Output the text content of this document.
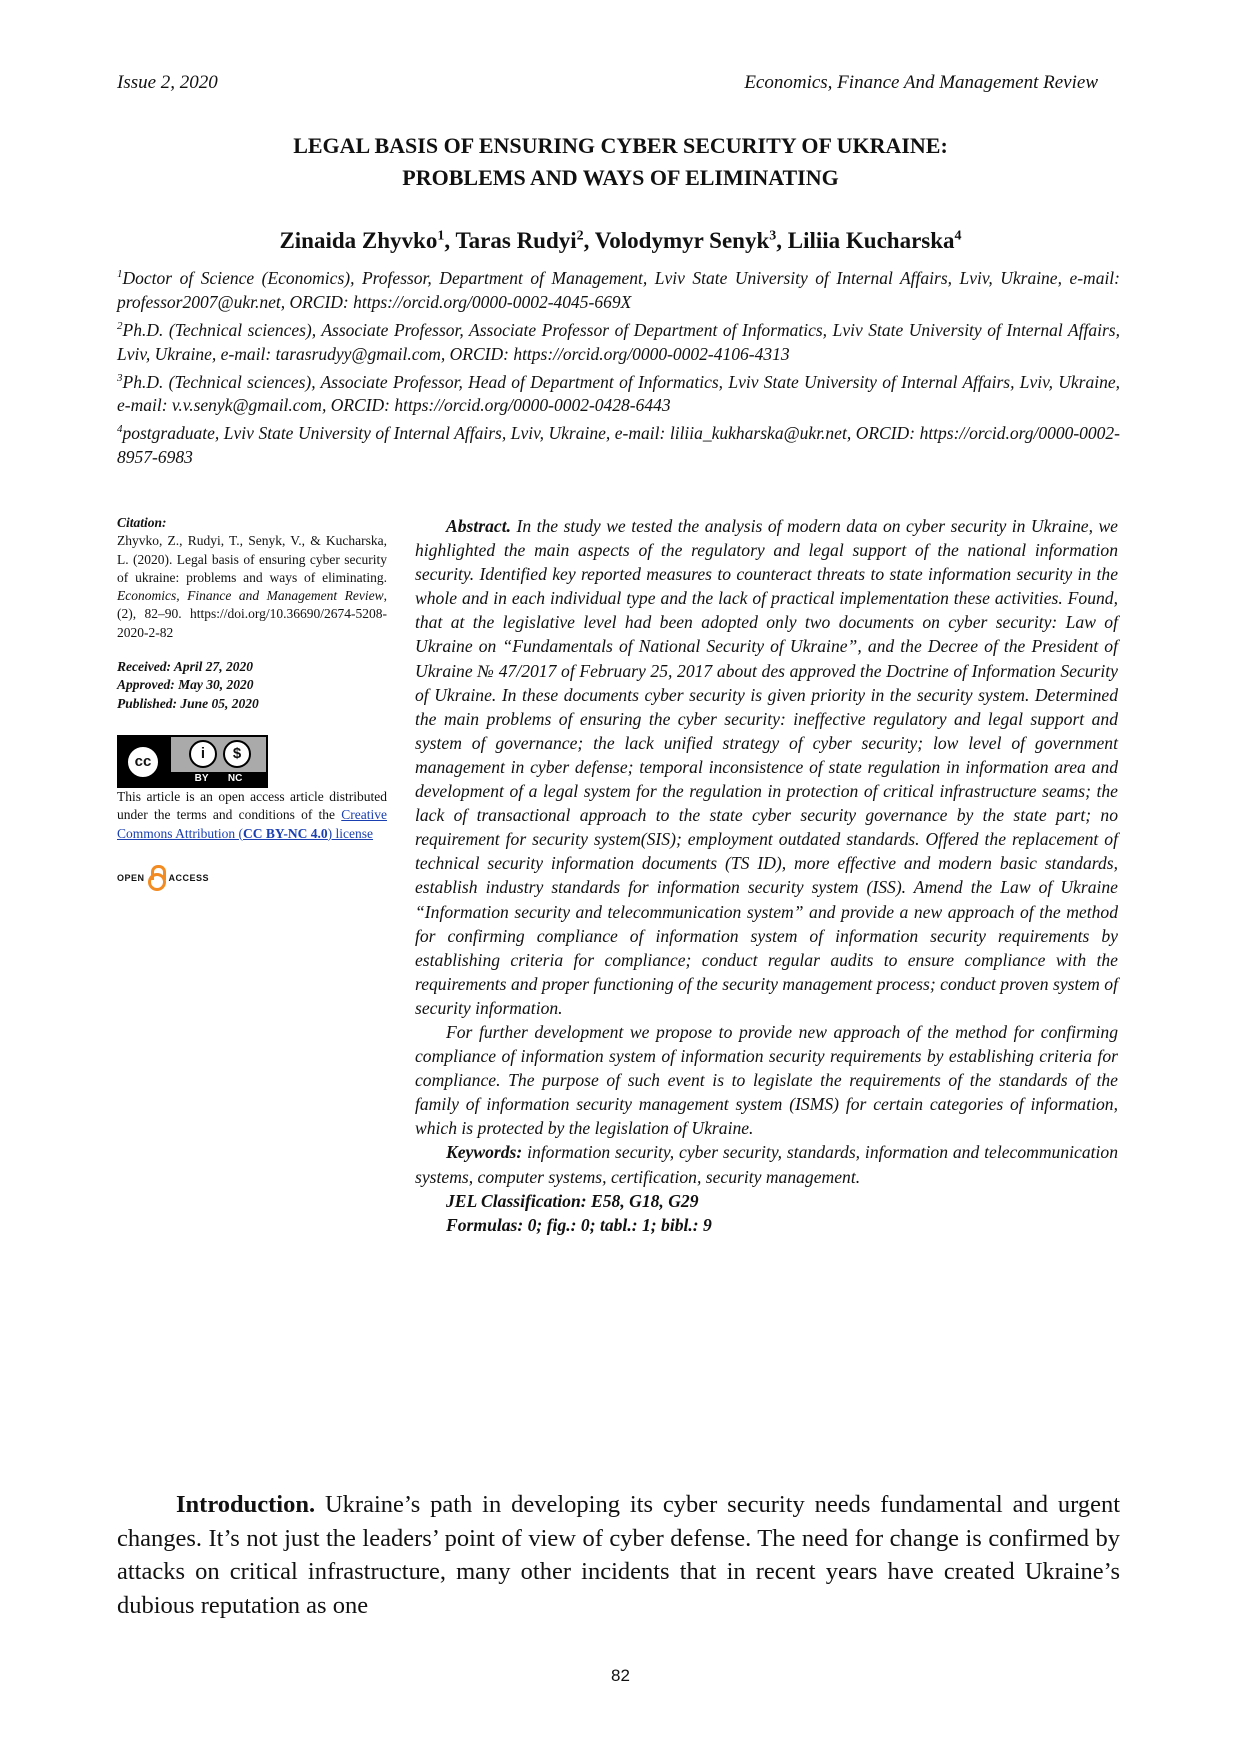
Issue 2, 2020	Economics, Finance And Management Review
LEGAL BASIS OF ENSURING CYBER SECURITY OF UKRAINE:
PROBLEMS AND WAYS OF ELIMINATING
Zinaida Zhyvko$^1$, Taras Rudyi$^2$, Volodymyr Senyk$^3$, Liliia Kucharska$^4$

$^1$Doctor of Science (Economics), Professor, Department of Management, Lviv State University of Internal Affairs, Lviv, Ukraine, e-mail: professor2007@ukr.net, ORCID: https://orcid.org/0000-0002-4045-669X

$^2$Ph.D. (Technical sciences), Associate Professor, Associate Professor of Department of Informatics, Lviv State University of Internal Affairs, Lviv, Ukraine, e-mail: tarasrudyy@gmail.com, ORCID: https://orcid.org/0000-0002-4106-4313

$^3$Ph.D. (Technical sciences), Associate Professor, Head of Department of Informatics, Lviv State University of Internal Affairs, Lviv, Ukraine, e-mail: v.v.senyk@gmail.com, ORCID: https://orcid.org/0000-0002-0428-6443

$^4$postgraduate, Lviv State University of Internal Affairs, Lviv, Ukraine, e-mail: liliia_kukharska@ukr.net, ORCID: https://orcid.org/0000-0002-8957-6983

Citation:

Zhyvko, Z., Rudyi, T., Senyk, V., & Kucharska, L. (2020). Legal basis of ensuring cyber security of ukraine: problems and ways of eliminating. Economics, Finance and Management Review, (2), 82–90. https://doi.org/10.36690/2674-5208-2020-2-82

Received: April 27, 2020

Approved: May 30, 2020

Published: June 05, 2020

cc	i	$
BY NC

This article is an open access article distributed under the terms and conditions of the Creative Commons Attribution (CC BY-NC 4.0) license

OPEN	ACCESS

Abstract. In the study we tested the analysis of modern data on cyber security in Ukraine, we highlighted the main aspects of the regulatory and legal support of the national information security. Identified key reported measures to counteract threats to state information security in the whole and in each individual type and the lack of practical implementation these activities. Found, that at the legislative level had been adopted only two documents on cyber security: Law of Ukraine on “Fundamentals of National Security of Ukraine”, and the Decree of the President of Ukraine № 47/2017 of February 25, 2017 about des approved the Doctrine of Information Security of Ukraine. In these documents cyber security is given priority in the security system. Determined the main problems of ensuring the cyber security: ineffective regulatory and legal support and system of governance; the lack unified strategy of cyber security; low level of government management in cyber defense; temporal inconsistence of state regulation in information area and development of a legal system for the regulation in protection of critical infrastructure seams; the lack of transactional approach to the state cyber security governance by the state part; no requirement for security system(SIS); employment outdated standards. Offered the replacement of technical security information documents (TS ID), more effective and modern basic standards, establish industry standards for information security system (ISS). Amend the Law of Ukraine “Information security and telecommunication system” and provide a new approach of the method for confirming compliance of information system of information security requirements by establishing criteria for compliance; conduct regular audits to ensure compliance with the requirements and proper functioning of the security management process; conduct proven system of security information.

For further development we propose to provide new approach of the method for confirming compliance of information system of information security requirements by establishing criteria for compliance. The purpose of such event is to legislate the requirements of the standards of the family of information security management system (ISMS) for certain categories of information, which is protected by the legislation of Ukraine.

Keywords: information security, cyber security, standards, information and telecommunication systems, computer systems, certification, security management.

JEL Classification: E58, G18, G29

Formulas: 0; fig.: 0; tabl.: 1; bibl.: 9

Introduction. Ukraine’s path in developing its cyber security needs fundamental and urgent changes. It’s not just the leaders’ point of view of cyber defense. The need for change is confirmed by attacks on critical infrastructure, many other incidents that in recent years have created Ukraine’s dubious reputation as one

82
